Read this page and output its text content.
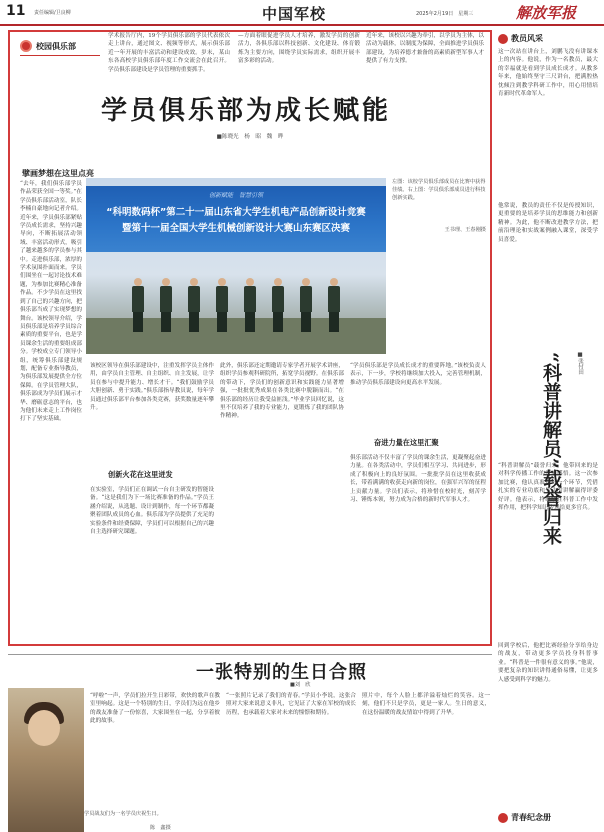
11 责任编辑/卫良柳	中国军校	2025年2月19日　星期三	解放军报
校园俱乐部
学术报告厅内，19个学员俱乐部的学员代表依次走上讲台，通过图文、视频等形式，展示俱乐部近一年开展的丰富活动和建设成效。岁末，某山东各高校学员俱乐部年度工作交流会在此召开。学员俱乐部建设是学员管理的重要抓手。
—方面着眼促进学员人才培养，激发学员的创新活力，各俱乐部以科技创新、文化建设、体育锻炼为主要方向，围绕学员实际需求，组织开展丰富多彩的活动。
近年来，该校以兴趣为牵引，以学员为主体，以活动为载体，以制度为保障，全面推进学员俱乐部建设，为培养德才兼备的高素质新型军事人才提供了有力支撑。
学员俱乐部为成长赋能
■陈晓光　杨　昭　魏　晔
擘画梦想在这里点亮
创新赋能　智慧引领
“科明数码杯”第二十一届山东省大学生机电产品创新设计竞赛
暨第十一届全国大学生机械创新设计大赛山东赛区决赛
左图：该校学员俱乐部成员在比赛中获得佳绩。右上图：学员俱乐部成员进行科技创新实践。
王书理、王春刚摄
“去年，我们俱乐部学员作品荣获全国一等奖。”在学员俱乐部活动室，队长李楠自豪地向记者介绍。近年来，学员俱乐部紧贴学员成长需求，坚持兴趣导向，不断拓展活动领域、丰富活动形式，吸引了越来越多的学员参与其中。走进俱乐部，浓厚的学术氛围扑面而来。学员们围坐在一起讨论技术难题，为参加比赛精心准备作品。不少学员在这里找到了自己的兴趣方向，把俱乐部当成了实现梦想的舞台。该校领导介绍，学员俱乐部是培养学员综合素质的重要平台，也是学员课余生活的重要组成部分。学校成立专门领导小组，统筹俱乐部建设规划，配备专业指导教员，为俱乐部发展提供全方位保障。在学员管理大队，俱乐部成为学员们展示才华、磨砺意志的平台，也为他们未来走上工作岗位打下了坚实基础。
该校区领导在俱乐部建设中，注重发挥学员主体作用，由学员自主管理、自主组织、自主发展，让学员在参与中提升能力、增长才干。“我们鼓励学员大胆创新、勇于实践。”俱乐部指导教员说，每年学员通过俱乐部平台参加各类竞赛，获奖数量逐年攀升。
创新火花在这里迸发
在实验室，学员们正在调试一台自主研发的智能设备。“这是我们为下一场比赛准备的作品。”学员王涵介绍说，从选题、设计到制作，每一个环节都凝聚着团队成员的心血。俱乐部为学员提供了充足的实验条件和经费保障，学员们可以根据自己的兴趣自主选择研究课题。
此外，俱乐部还定期邀请专家学者开展学术讲座，组织学员参观科研院所，拓宽学员视野。在俱乐部的带动下，学员们的创新意识和实践能力显著增强，一批批优秀成果在各类比赛中脱颖而出。“在俱乐部的经历让我受益匪浅。”毕业学员回忆说，这里不仅培养了我的专业能力，更锻炼了我的团队协作精神。
“学员俱乐部是学员成长成才的重要阵地。”该校负责人表示，下一步，学校将继续加大投入，完善管理机制，推动学员俱乐部建设向更高水平发展。
奋进力量在这里汇聚
俱乐部活动不仅丰富了学员的课余生活，更凝聚起奋进力量。在各类活动中，学员们相互学习、共同进步，形成了积极向上的良好氛围。一批批学员在这里收获成长，带着满满的收获走向新的岗位，在强军兴军的征程上贡献力量。学员们表示，将珍惜在校时光，刻苦学习、锤炼本领，努力成为合格的新时代军事人才。
教员风采
这一次站在讲台上，刘鹏飞没有讲课本上的内容。他说，作为一名教员，最大的幸福就是看到学员成长成才。从教多年来，他始终坚守三尺讲台，把满腔热忱倾注到教学科研工作中，用心用情培育新时代革命军人。
他常说，教员的责任不仅是传授知识，更重要的是培养学员的思维能力和创新精神。为此，他不断改进教学方法，把前沿理论和实战案例融入课堂，深受学员喜爱。
“科普讲解员”载誉归来	■张付田
“科普讲解员”载誉归来，他带回来的是对科学传播工作的深刻感悟。这一次参加比赛，他认真准备每一个环节，凭借扎实的专业功底和生动的讲解赢得评委好评。他表示，将继续在科普工作中发挥作用，把科学知识传递给更多官兵。
回到学校后，他把比赛经验分享给身边的战友，带动更多学员投身科普事业。“科普是一件很有意义的事。”他说，要把复杂的知识讲得通俗易懂，让更多人感受到科学的魅力。
青春纪念册
一张特别的生日合照
■刘　欣
“呼啦”一声，学员们拉开生日彩带，欢快的歌声在教室里响起。这是一个特别的生日，学员们为远在他乡的战友准备了一份惊喜，大家围坐在一起，分享着彼此的故事。
“一张照片记录了我们的青春。”学员小李说，这张合照对大家来说意义非凡，它见证了大家在军校的成长历程，也承载着大家对未来的憧憬和期待。
照片中，每个人脸上都洋溢着灿烂的笑容。这一刻，他们不只是学员，更是一家人。生日的意义，在这份温暖的战友情谊中得到了升华。
学员战友们为一名学员庆祝生日。
陈　鑫摄
